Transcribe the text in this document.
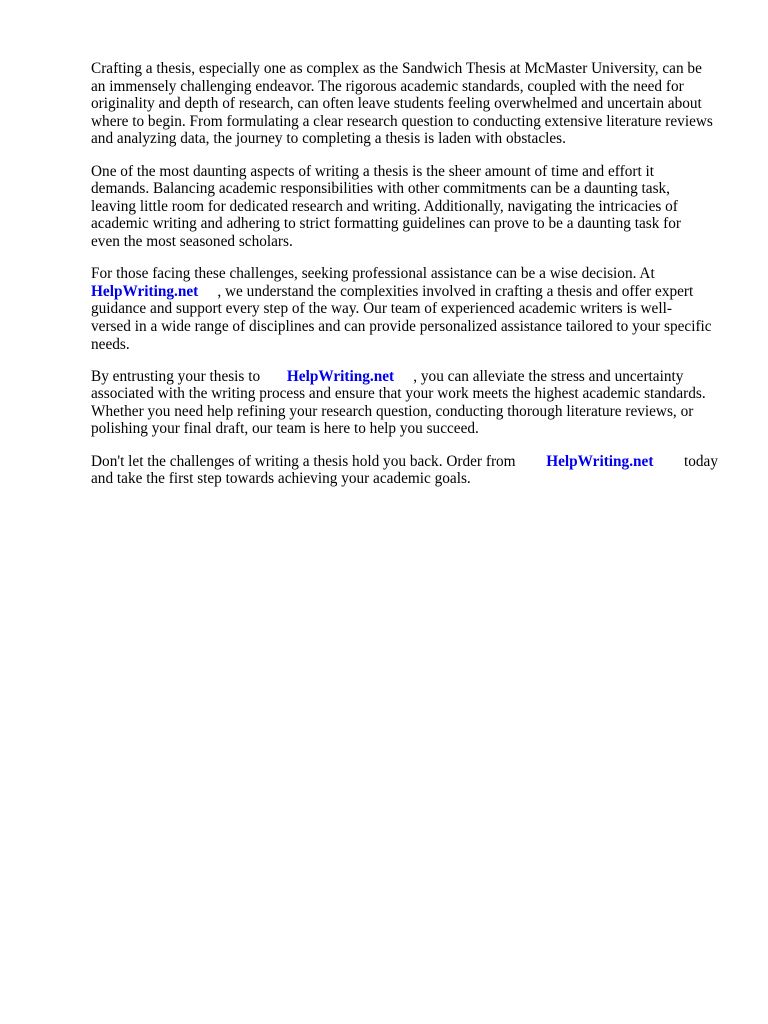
Crafting a thesis, especially one as complex as the Sandwich Thesis at McMaster University, can be
an immensely challenging endeavor. The rigorous academic standards, coupled with the need for
originality and depth of research, can often leave students feeling overwhelmed and uncertain about
where to begin. From formulating a clear research question to conducting extensive literature reviews
and analyzing data, the journey to completing a thesis is laden with obstacles.

One of the most daunting aspects of writing a thesis is the sheer amount of time and effort it
demands. Balancing academic responsibilities with other commitments can be a daunting task,
leaving little room for dedicated research and writing. Additionally, navigating the intricacies of
academic writing and adhering to strict formatting guidelines can prove to be a daunting task for
even the most seasoned scholars.

For those facing these challenges, seeking professional assistance can be a wise decision. At
HelpWriting.net     , we understand the complexities involved in crafting a thesis and offer expert
guidance and support every step of the way. Our team of experienced academic writers is well-
versed in a wide range of disciplines and can provide personalized assistance tailored to your specific
needs.

By entrusting your thesis to       HelpWriting.net     , you can alleviate the stress and uncertainty
associated with the writing process and ensure that your work meets the highest academic standards.
Whether you need help refining your research question, conducting thorough literature reviews, or
polishing your final draft, our team is here to help you succeed.

Don't let the challenges of writing a thesis hold you back. Order from        HelpWriting.net        today
and take the first step towards achieving your academic goals.
